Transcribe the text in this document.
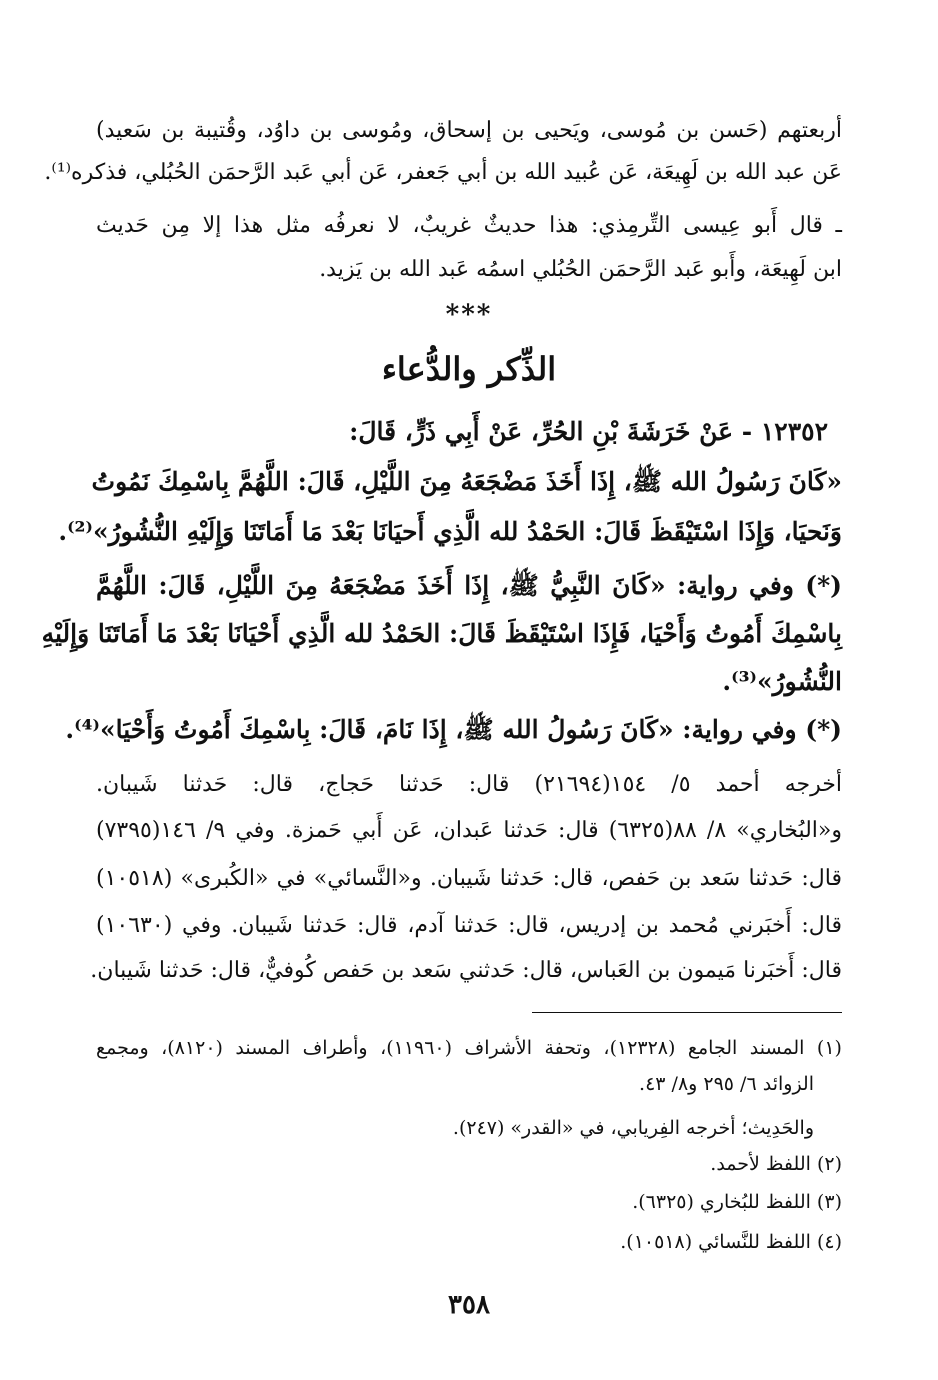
أربعتهم (حَسن بن مُوسى، ويَحيى بن إسحاق، ومُوسى بن داوُد، وقُتيبة بن سَعيد)
عَن عبد الله بن لَهِيعَة، عَن عُبيد الله بن أبي جَعفر، عَن أبي عَبد الرَّحمَن الحُبُلي، فذكره⁽¹⁾.
ـ قال أَبو عِيسى التِّرمِذي: هذا حديثٌ غريبٌ، لا نعرفُه مثل هذا إلا مِن حَديث
ابن لَهِيعَة، وأَبو عَبد الرَّحمَن الحُبُلي اسمُه عَبد الله بن يَزيد.
***
الذِّكر والدُّعاء
١٢٣٥٢ - عَنْ خَرَشَةَ بْنِ الحُرِّ، عَنْ أَبِي ذَرٍّ، قَالَ:
«كَانَ رَسُولُ الله ﷺ، إِذَا أَخَذَ مَضْجَعَهُ مِنَ اللَّيْلِ، قَالَ: اللَّهُمَّ بِاسْمِكَ نَمُوتُ
وَنَحيَا، وَإِذَا اسْتَيْقَظَ قَالَ: الحَمْدُ لله الَّذِي أَحيَانَا بَعْدَ مَا أَمَاتَنَا وَإِلَيْهِ النُّشُورُ»⁽²⁾.
(*) وفي رواية: «كَانَ النَّبِيُّ ﷺ، إِذَا أَخَذَ مَضْجَعَهُ مِنَ اللَّيْلِ، قَالَ: اللَّهُمَّ
بِاسْمِكَ أَمُوتُ وَأَحْيَا، فَإِذَا اسْتَيْقَظَ قَالَ: الحَمْدُ لله الَّذِي أَحْيَانَا بَعْدَ مَا أَمَاتَنَا وَإِلَيْهِ
النُّشُورُ»⁽³⁾.
(*) وفي رواية: «كَانَ رَسُولُ الله ﷺ، إِذَا نَامَ، قَالَ: بِاسْمِكَ أَمُوتُ وَأَحْيَا»⁽⁴⁾.
أخرجه أحمد ٥/ ١٥٤(٢١٦٩٤) قال: حَدثنا حَجاج، قال: حَدثنا شَيبان.
و«البُخاري» ٨/ ٨٨(٦٣٢٥) قال: حَدثنا عَبدان، عَن أَبي حَمزة. وفي ٩/ ١٤٦(٧٣٩٥)
قال: حَدثنا سَعد بن حَفص، قال: حَدثنا شَيبان. و«النَّسائي» في «الكُبرى» (١٠٥١٨)
قال: أَخبَرني مُحمد بن إدريس، قال: حَدثنا آدم، قال: حَدثنا شَيبان. وفي (١٠٦٣٠)
قال: أَخبَرنا مَيمون بن العَباس، قال: حَدثني سَعد بن حَفص كُوفيٌّ، قال: حَدثنا شَيبان.
(١) المسند الجامع (١٢٣٢٨)، وتحفة الأشراف (١١٩٦٠)، وأطراف المسند (٨١٢٠)، ومجمع
الزوائد ٦/ ٢٩٥ و٨/ ٤٣.
والحَدِيث؛ أخرجه الفِريابي، في «القدر» (٢٤٧).
(٢) اللفظ لأحمد.
(٣) اللفظ للبُخاري (٦٣٢٥).
(٤) اللفظ للنَّسائي (١٠٥١٨).
٣٥٨
